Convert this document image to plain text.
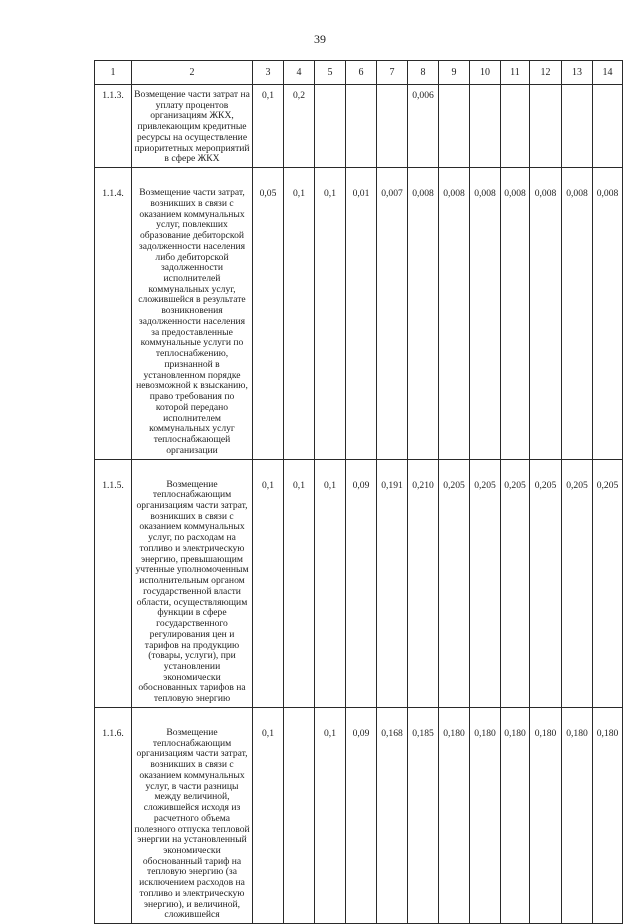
39
1	2	3	4	5	6	7	8	9	10	11	12	13	14
1.1.3.	Возмещение части затрат на уплату процентов организациям ЖКХ, привлекающим кредитные ресурсы на осуществление приоритетных мероприятий в сфере ЖКХ	0,1	0,2				0,006						
1.1.4.	Возмещение части затрат, возникших в связи с оказанием коммунальных услуг, повлекших образование дебиторской задолженности населения либо дебиторской задолженности исполнителей коммунальных услуг, сложившейся в результате возникновения задолженности населения за предоставленные коммунальные услуги по теплоснабжению, признанной в установленном порядке невозможной к взысканию, право требования по которой передано исполнителем коммунальных услуг теплоснабжающей организации	0,05	0,1	0,1	0,01	0,007	0,008	0,008	0,008	0,008	0,008	0,008	0,008
1.1.5.	Возмещение теплоснабжающим организациям части затрат, возникших в связи с оказанием коммунальных услуг, по расходам на топливо и электрическую энергию, превышающим учтенные уполномоченным исполнительным органом государственной власти области, осуществляющим функции в сфере государственного регулирования цен и тарифов на продукцию (товары, услуги), при установлении экономически обоснованных тарифов на тепловую энергию	0,1	0,1	0,1	0,09	0,191	0,210	0,205	0,205	0,205	0,205	0,205	0,205
1.1.6.	Возмещение теплоснабжающим организациям части затрат, возникших в связи с оказанием коммунальных услуг, в части разницы между величиной, сложившейся исходя из расчетного объема полезного отпуска тепловой энергии на установленный экономически обоснованный тариф на тепловую энергию (за исключением расходов на топливо и электрическую энергию), и величиной, сложившейся	0,1		0,1	0,09	0,168	0,185	0,180	0,180	0,180	0,180	0,180	0,180
